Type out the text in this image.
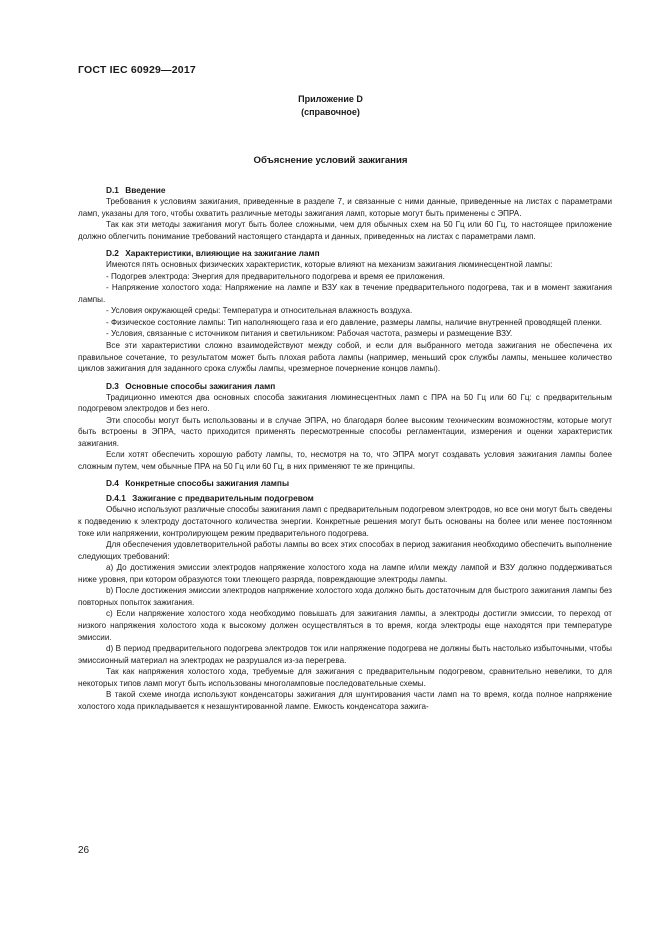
ГОСТ IEC 60929—2017
Приложение D
(справочное)
Объяснение условий зажигания
D.1 Введение

Требования к условиям зажигания, приведенные в разделе 7, и связанные с ними данные, приведенные на листах с параметрами ламп, указаны для того, чтобы охватить различные методы зажигания ламп, которые могут быть применены с ЭПРА.

Так как эти методы зажигания могут быть более сложными, чем для обычных схем на 50 Гц или 60 Гц, то настоящее приложение должно облегчить понимание требований настоящего стандарта и данных, приведенных на листах с параметрами ламп.

D.2 Характеристики, влияющие на зажигание ламп

Имеются пять основных физических характеристик, которые влияют на механизм зажигания люминесцентной лампы:

- Подогрев электрода: Энергия для предварительного подогрева и время ее приложения.

- Напряжение холостого хода: Напряжение на лампе и ВЗУ как в течение предварительного подогрева, так и в момент зажигания лампы.

- Условия окружающей среды: Температура и относительная влажность воздуха.

- Физическое состояние лампы: Тип наполняющего газа и его давление, размеры лампы, наличие внутренней проводящей пленки.

- Условия, связанные с источником питания и светильником: Рабочая частота, размеры и размещение ВЗУ.

Все эти характеристики сложно взаимодействуют между собой, и если для выбранного метода зажигания не обеспечена их правильное сочетание, то результатом может быть плохая работа лампы (например, меньший срок службы лампы, меньшее количество циклов зажигания для заданного срока службы лампы, чрезмерное почернение концов лампы).

D.3 Основные способы зажигания ламп

Традиционно имеются два основных способа зажигания люминесцентных ламп с ПРА на 50 Гц или 60 Гц: с предварительным подогревом электродов и без него.

Эти способы могут быть использованы и в случае ЭПРА, но благодаря более высоким техническим возможностям, которые могут быть встроены в ЭПРА, часто приходится применять пересмотренные способы регламентации, измерения и оценки характеристик зажигания.

Если хотят обеспечить хорошую работу лампы, то, несмотря на то, что ЭПРА могут создавать условия зажигания лампы более сложным путем, чем обычные ПРА на 50 Гц или 60 Гц, в них применяют те же принципы.

D.4 Конкретные способы зажигания лампы
D.4.1 Зажигание с предварительным подогревом

Обычно используют различные способы зажигания ламп с предварительным подогревом электродов, но все они могут быть сведены к подведению к электроду достаточного количества энергии. Конкретные решения могут быть основаны на более или менее постоянном токе или напряжении, контролирующем режим предварительного подогрева.

Для обеспечения удовлетворительной работы лампы во всех этих способах в период зажигания необходимо обеспечить выполнение следующих требований:

a) До достижения эмиссии электродов напряжение холостого хода на лампе и/или между лампой и ВЗУ должно поддерживаться ниже уровня, при котором образуются токи тлеющего разряда, повреждающие электроды лампы.

b) После достижения эмиссии электродов напряжение холостого хода должно быть достаточным для быстрого зажигания лампы без повторных попыток зажигания.

c) Если напряжение холостого хода необходимо повышать для зажигания лампы, а электроды достигли эмиссии, то переход от низкого напряжения холостого хода к высокому должен осуществляться в то время, когда электроды еще находятся при температуре эмиссии.

d) В период предварительного подогрева электродов ток или напряжение подогрева не должны быть настолько избыточными, чтобы эмиссионный материал на электродах не разрушался из-за перегрева.

Так как напряжения холостого хода, требуемые для зажигания с предварительным подогревом, сравнительно невелики, то для некоторых типов ламп могут быть использованы многоламповые последовательные схемы.

В такой схеме иногда используют конденсаторы зажигания для шунтирования части ламп на то время, когда полное напряжение холостого хода прикладывается к незашунтированной лампе. Емкость конденсатора зажига-

26
